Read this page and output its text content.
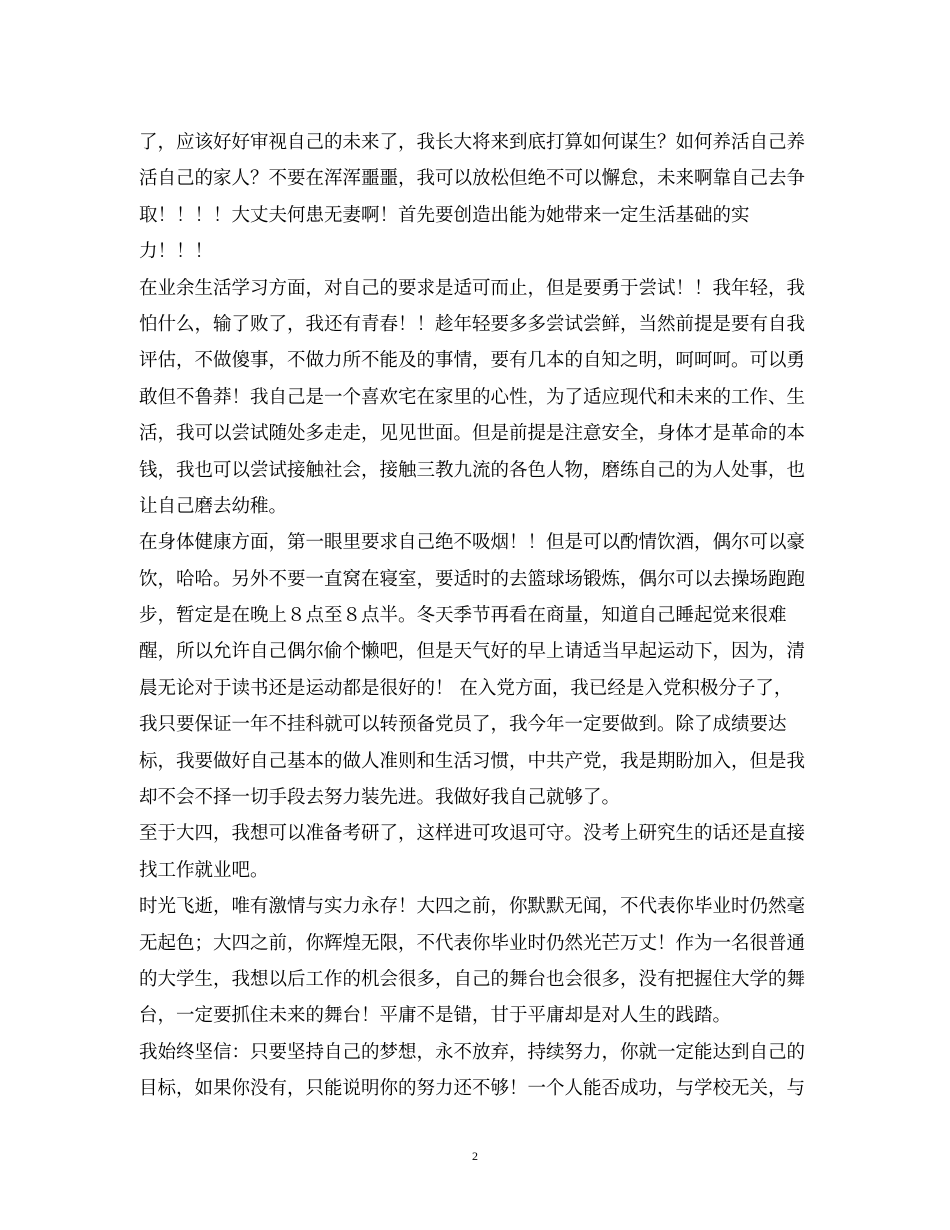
了，应该好好审视自己的未来了，我长大将来到底打算如何谋生？如何养活自己养
活自己的家人？不要在浑浑噩噩，我可以放松但绝不可以懈怠，未来啊靠自己去争
取！！！！大丈夫何患无妻啊！首先要创造出能为她带来一定生活基础的实
力！！！
在业余生活学习方面，对自己的要求是适可而止，但是要勇于尝试！！我年轻，我
怕什么，输了败了，我还有青春！！趁年轻要多多尝试尝鲜，当然前提是要有自我
评估，不做傻事，不做力所不能及的事情，要有几本的自知之明，呵呵呵。可以勇
敢但不鲁莽！我自己是一个喜欢宅在家里的心性，为了适应现代和未来的工作、生
活，我可以尝试随处多走走，见见世面。但是前提是注意安全，身体才是革命的本
钱，我也可以尝试接触社会，接触三教九流的各色人物，磨练自己的为人处事，也
让自己磨去幼稚。
在身体健康方面，第一眼里要求自己绝不吸烟！！但是可以酌情饮酒，偶尔可以豪
饮，哈哈。另外不要一直窝在寝室，要适时的去篮球场锻炼，偶尔可以去操场跑跑
步，暂定是在晚上８点至８点半。冬天季节再看在商量，知道自己睡起觉来很难
醒，所以允许自己偶尔偷个懒吧，但是天气好的早上请适当早起运动下，因为，清
晨无论对于读书还是运动都是很好的！ 在入党方面，我已经是入党积极分子了，
我只要保证一年不挂科就可以转预备党员了，我今年一定要做到。除了成绩要达
标，我要做好自己基本的做人准则和生活习惯，中共产党，我是期盼加入，但是我
却不会不择一切手段去努力装先进。我做好我自己就够了。
至于大四，我想可以准备考研了，这样进可攻退可守。没考上研究生的话还是直接
找工作就业吧。
时光飞逝，唯有激情与实力永存！大四之前，你默默无闻，不代表你毕业时仍然毫
无起色；大四之前，你辉煌无限，不代表你毕业时仍然光芒万丈！作为一名很普通
的大学生，我想以后工作的机会很多，自己的舞台也会很多，没有把握住大学的舞
台，一定要抓住未来的舞台！平庸不是错，甘于平庸却是对人生的践踏。
我始终坚信：只要坚持自己的梦想，永不放弃，持续努力，你就一定能达到自己的
目标，如果你没有，只能说明你的努力还不够！一个人能否成功，与学校无关，与
2
